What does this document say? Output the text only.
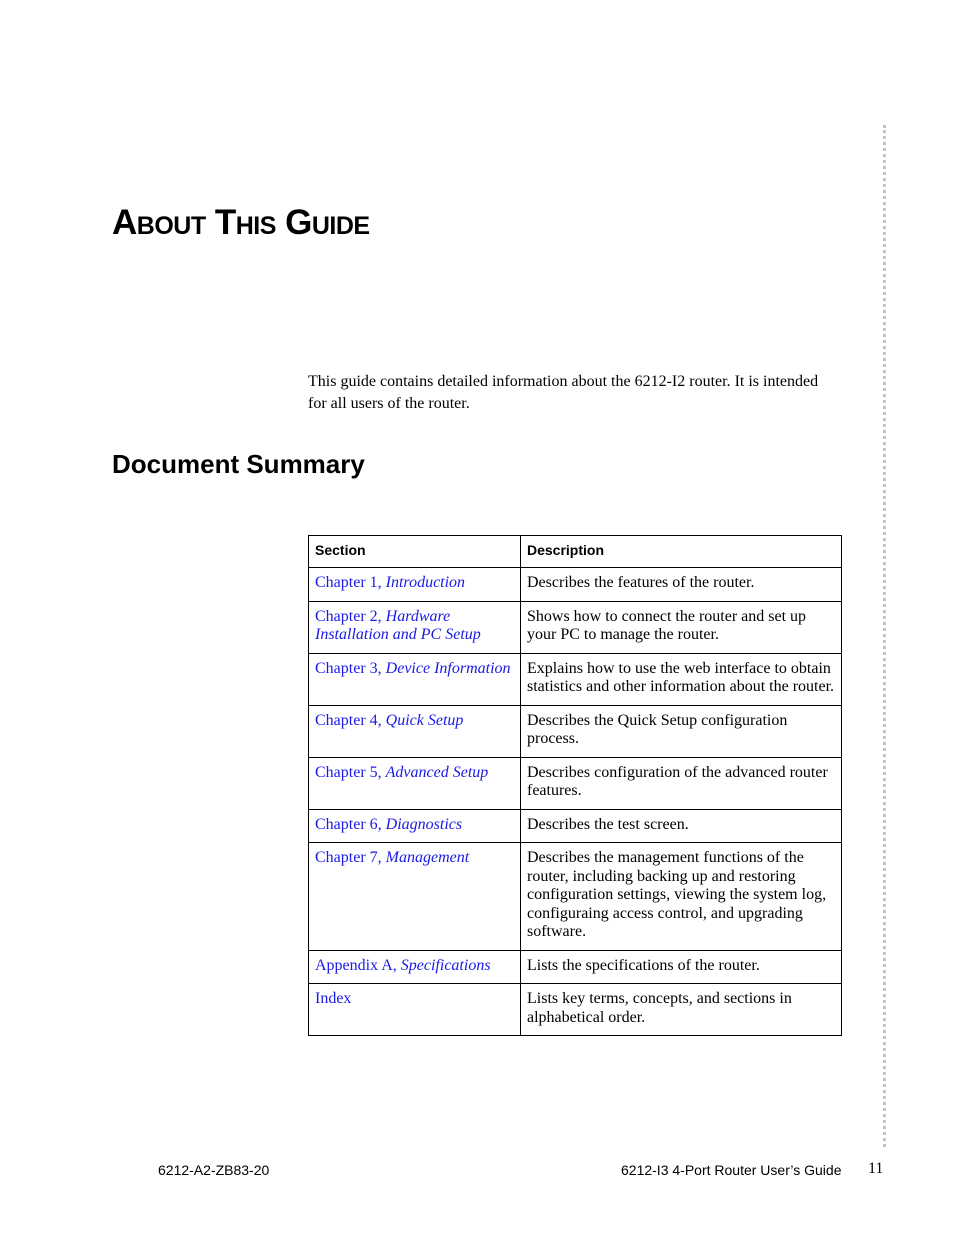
About This Guide

This guide contains detailed information about the 6212-I2 router. It is intended for all users of the router.

Document Summary
Section	Description
Chapter 1, Introduction	Describes the features of the router.
Chapter 2, Hardware Installation and PC Setup	Shows how to connect the router and set up your PC to manage the router.
Chapter 3, Device Information	Explains how to use the web interface to obtain statistics and other information about the router.
Chapter 4, Quick Setup	Describes the Quick Setup configuration process.
Chapter 5, Advanced Setup	Describes configuration of the advanced router features.
Chapter 6, Diagnostics	Describes the test screen.
Chapter 7, Management	Describes the management functions of the router, including backing up and restoring configuration settings, viewing the system log, configuraing access control, and upgrading software.
Appendix A, Specifications	Lists the specifications of the router.
Index	Lists key terms, concepts, and sections in alphabetical order.
6212-A2-ZB83-20	6212-I3 4-Port Router User’s Guide 11
